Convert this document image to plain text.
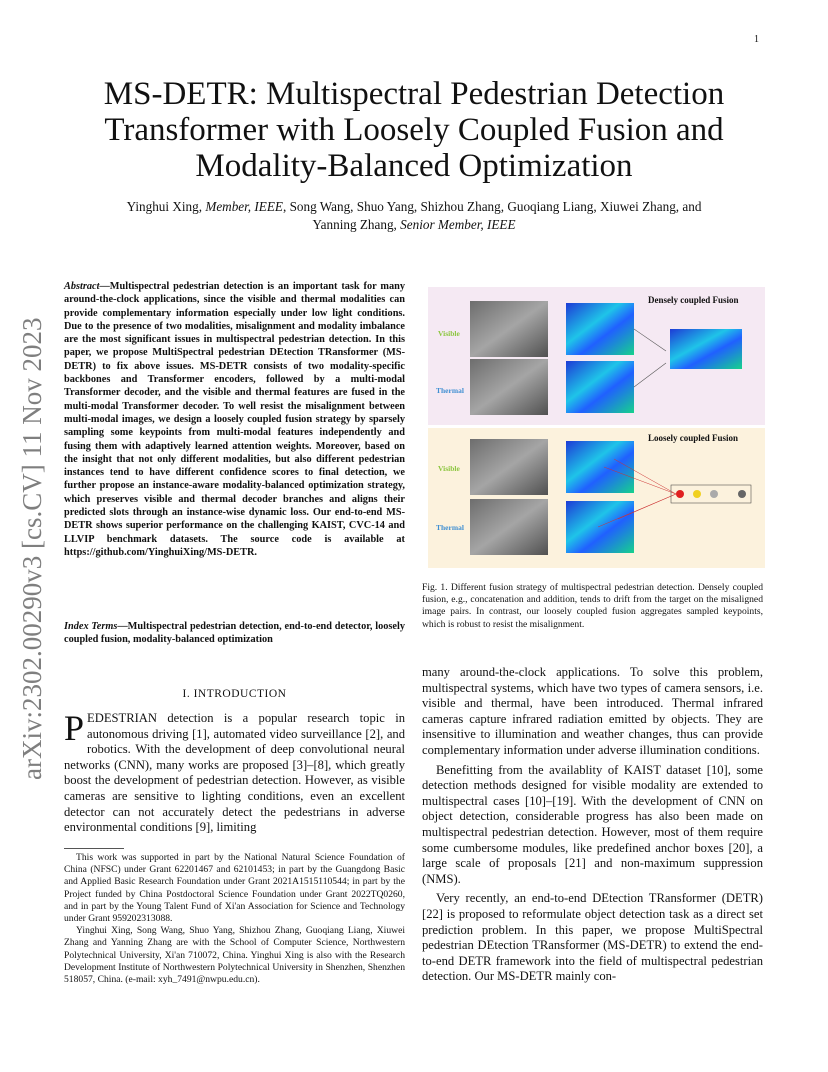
1
arXiv:2302.00290v3 [cs.CV] 11 Nov 2023
MS-DETR: Multispectral Pedestrian Detection Transformer with Loosely Coupled Fusion and Modality-Balanced Optimization
Yinghui Xing, Member, IEEE, Song Wang, Shuo Yang, Shizhou Zhang, Guoqiang Liang, Xiuwei Zhang, and
Yanning Zhang, Senior Member, IEEE
Abstract—Multispectral pedestrian detection is an important task for many around-the-clock applications, since the visible and thermal modalities can provide complementary information especially under low light conditions. Due to the presence of two modalities, misalignment and modality imbalance are the most significant issues in multispectral pedestrian detection. In this paper, we propose MultiSpectral pedestrian DEtection TRansformer (MS-DETR) to fix above issues. MS-DETR consists of two modality-specific backbones and Transformer encoders, followed by a multi-modal Transformer decoder, and the visible and thermal features are fused in the multi-modal Transformer decoder. To well resist the misalignment between multi-modal images, we design a loosely coupled fusion strategy by sparsely sampling some keypoints from multi-modal features independently and fusing them with adaptively learned attention weights. Moreover, based on the insight that not only different modalities, but also different pedestrian instances tend to have different confidence scores to final detection, we further propose an instance-aware modality-balanced optimization strategy, which preserves visible and thermal decoder branches and aligns their predicted slots through an instance-wise dynamic loss. Our end-to-end MS-DETR shows superior performance on the challenging KAIST, CVC-14 and LLVIP benchmark datasets. The source code is available at https://github.com/YinghuiXing/MS-DETR.
Index Terms—Multispectral pedestrian detection, end-to-end detector, loosely coupled fusion, modality-balanced optimization
I. INTRODUCTION
PEDESTRIAN detection is a popular research topic in autonomous driving [1], automated video surveillance [2], and robotics. With the development of deep convolutional neural networks (CNN), many works are proposed [3]–[8], which greatly boost the development of pedestrian detection. However, as visible cameras are sensitive to lighting conditions, even an excellent detector can not accurately detect the pedestrians in adverse environmental conditions [9], limiting

This work was supported in part by the National Natural Science Foundation of China (NFSC) under Grant 62201467 and 62101453; in part by the Guangdong Basic and Applied Basic Research Foundation under Grant 2021A1515110544; in part by the Project funded by China Postdoctoral Science Foundation under Grant 2022TQ0260, and in part by the Young Talent Fund of Xi'an Association for Science and Technology under Grant 959202313088.

Yinghui Xing, Song Wang, Shuo Yang, Shizhou Zhang, Guoqiang Liang, Xiuwei Zhang and Yanning Zhang are with the School of Computer Science, Northwestern Polytechnical University, Xi'an 710072, China. Yinghui Xing is also with the Research Development Institute of Northwestern Polytechnical University in Shenzhen, Shenzhen 518057, China. (e-mail: xyh_7491@nwpu.edu.cn).

Densely coupled Fusion
Loosely coupled Fusion
Visible
Thermal
Visible
Thermal
Fig. 1. Different fusion strategy of multispectral pedestrian detection. Densely coupled fusion, e.g., concatenation and addition, tends to drift from the target on the misaligned image pairs. In contrast, our loosely coupled fusion aggregates sampled keypoints, which is robust to resist the misalignment.

many around-the-clock applications. To solve this problem, multispectral systems, which have two types of camera sensors, i.e. visible and thermal, have been introduced. Thermal infrared cameras capture infrared radiation emitted by objects. They are insensitive to illumination and weather changes, thus can provide complementary information under adverse illumination conditions.

Benefitting from the availablity of KAIST dataset [10], some detection methods designed for visible modality are extended to multispectral cases [10]–[19]. With the development of CNN on object detection, considerable progress has also been made on multispectral pedestrian detection. However, most of them require some cumbersome modules, like predefined anchor boxes [20], a large scale of proposals [21] and non-maximum suppression (NMS).

Very recently, an end-to-end DEtection TRansformer (DETR) [22] is proposed to reformulate object detection task as a direct set prediction problem. In this paper, we propose MultiSpectral pedestrian DEtection TRansformer (MS-DETR) to extend the end-to-end DETR framework into the field of multispectral pedestrian detection. Our MS-DETR mainly con-
